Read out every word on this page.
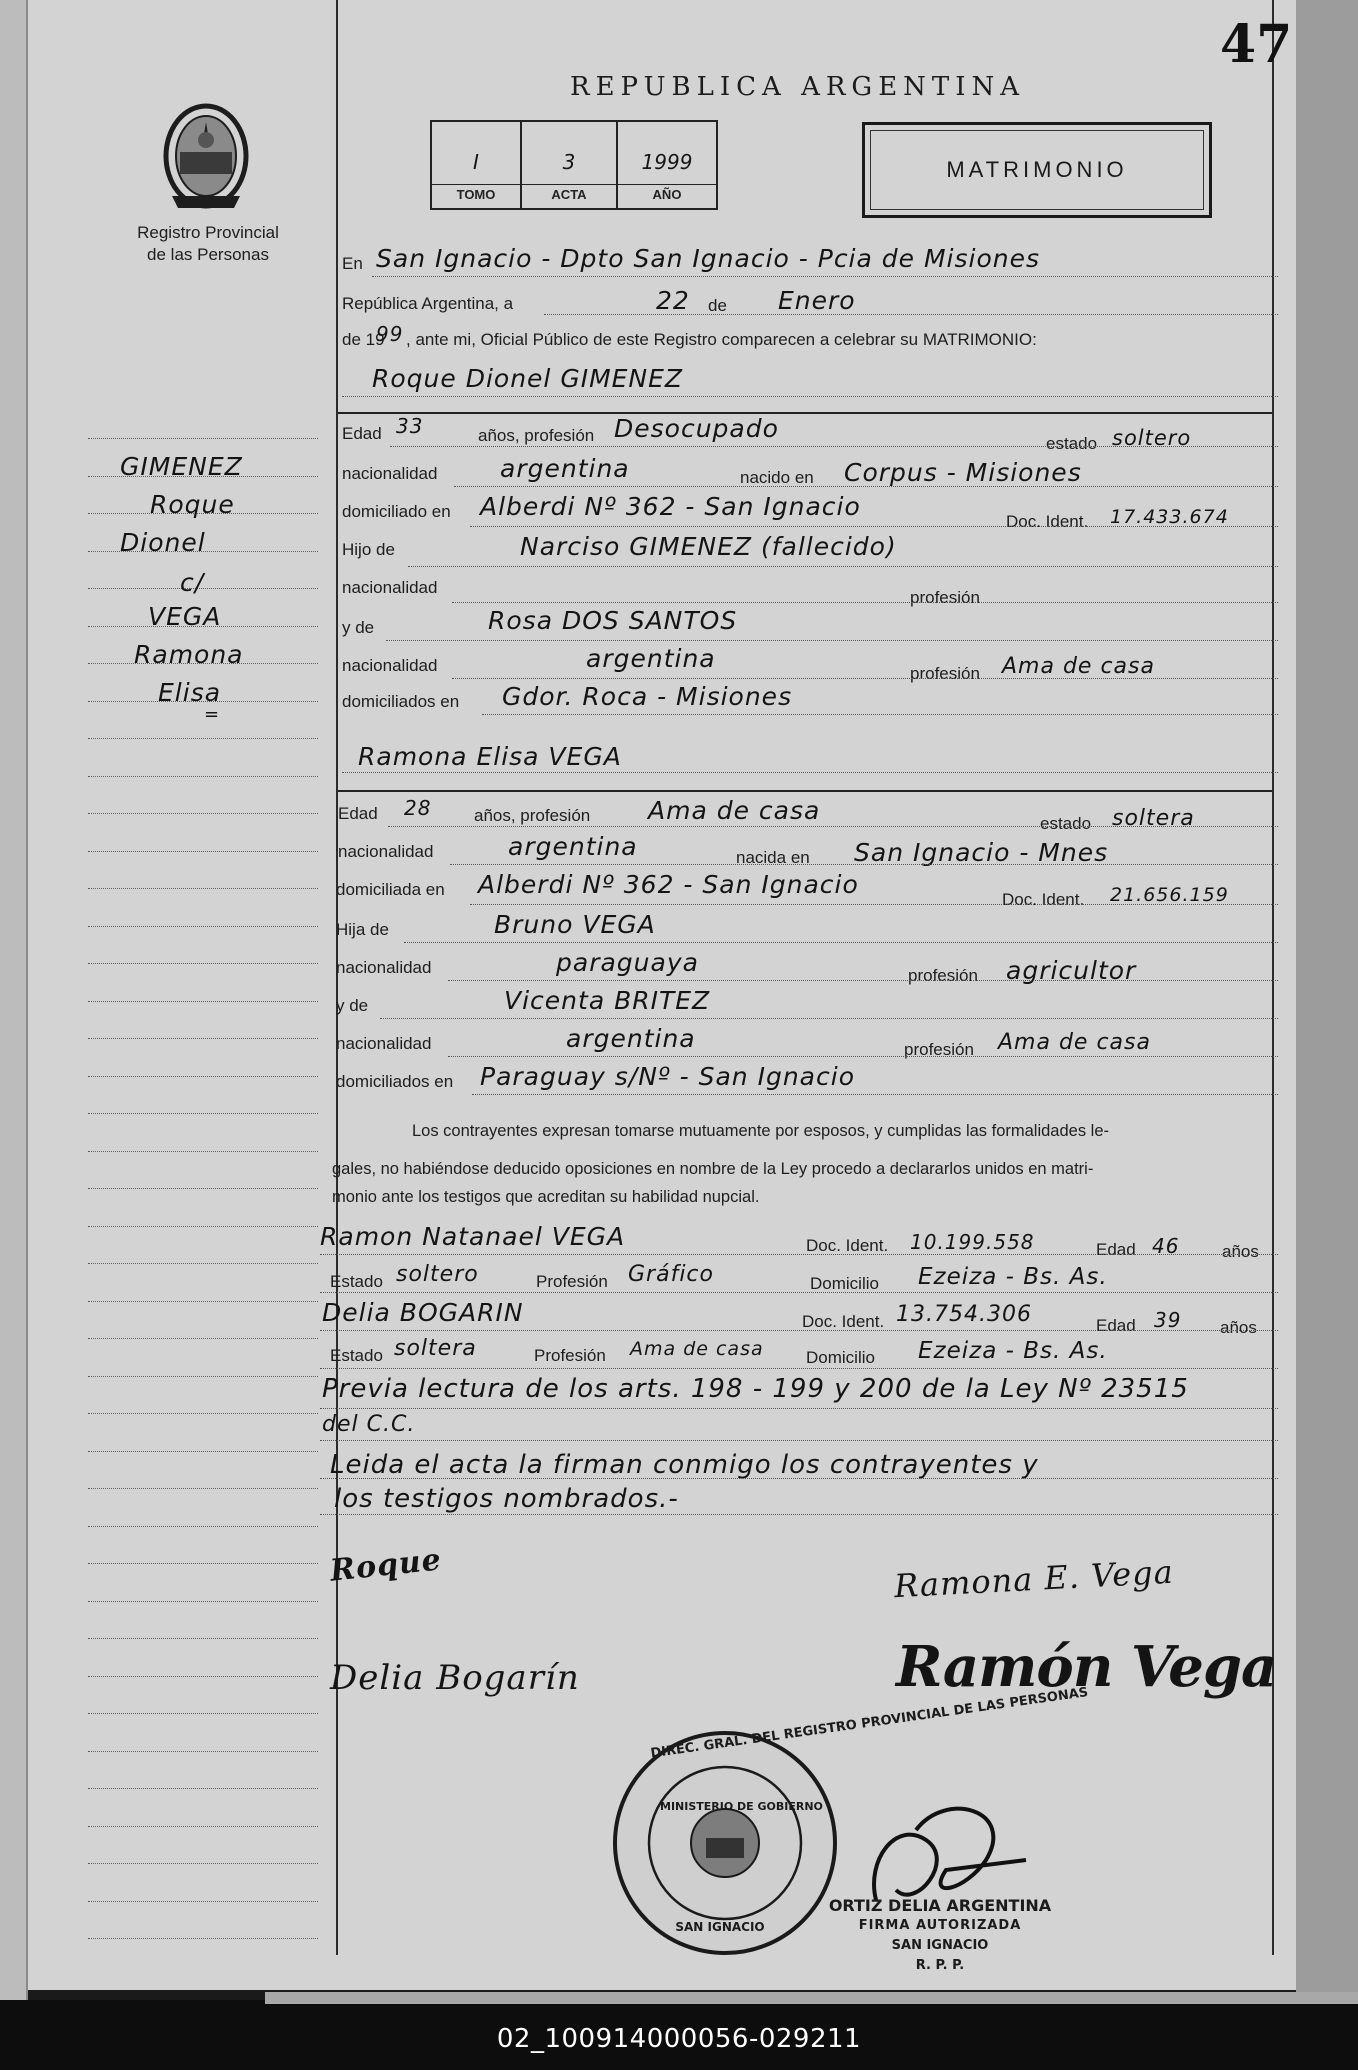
47
REPUBLICA ARGENTINA
Registro Provincial
de las Personas
I
TOMO
3
ACTA
1999
AÑO
MATRIMONIO
GIMENEZ
Roque
Dionel
c/
VEGA
Ramona
Elisa
=
En San Ignacio - Dpto San Ignacio - Pcia de Misiones
República Argentina, a	22 de Enero
de 19
99 , ante mi, Oficial Público de este Registro comparecen a celebrar su MATRIMONIO:
Roque Dionel GIMENEZ
Edad 33	años, profesión Desocupado
estado soltero
nacionalidad	argentina	nacido en Corpus - Misiones
domiciliado en Alberdi Nº 362 - San Ignacio
Doc. Ident. 17.433.674
Hijo de	Narciso GIMENEZ (fallecido)
nacionalidad
profesión
y de	Rosa DOS SANTOS
nacionalidad	argentina
profesión Ama de casa
domiciliados en Gdor. Roca - Misiones
Ramona Elisa VEGA
Edad 28	años, profesión Ama de casa	estado soltera
nacionalidad	argentina	nacida en San Ignacio - Mnes
domiciliada en Alberdi Nº 362 - San Ignacio
Doc. Ident. 21.656.159
Hija de	Bruno VEGA
nacionalidad	paraguaya	profesión agricultor
y de	Vicenta BRITEZ
nacionalidad	argentina	profesión Ama de casa
domiciliados en Paraguay s/Nº - San Ignacio
Los contrayentes expresan tomarse mutuamente por esposos, y cumplidas las formalidades le-
gales, no habiéndose deducido oposiciones en nombre de la Ley procedo a declararlos unidos en matri-
monio ante los testigos que acreditan su habilidad nupcial.
Ramon Natanael VEGA	Doc. Ident. 10.199.558	Edad 46	años
Estado soltero	Profesión Gráfico	Domicilio Ezeiza - Bs. As.
Delia BOGARIN	Doc. Ident. 13.754.306	Edad 39 años
Estado soltera	Profesión Ama de casa Domicilio Ezeiza - Bs. As.
Previa lectura de los arts. 198 - 199 y 200 de la Ley Nº 23515
del C.C.
Leida el acta la firman conmigo los contrayentes y
los testigos nombrados.-
Roque	Ramona E. Vega
Delia Bogarín	Ramón Vega
MINISTERIO DE GOBIERNO
SAN IGNACIO
ORTIZ DELIA ARGENTINA
FIRMA AUTORIZADA
SAN IGNACIO
R. P. P.
02_100914000056-029211
